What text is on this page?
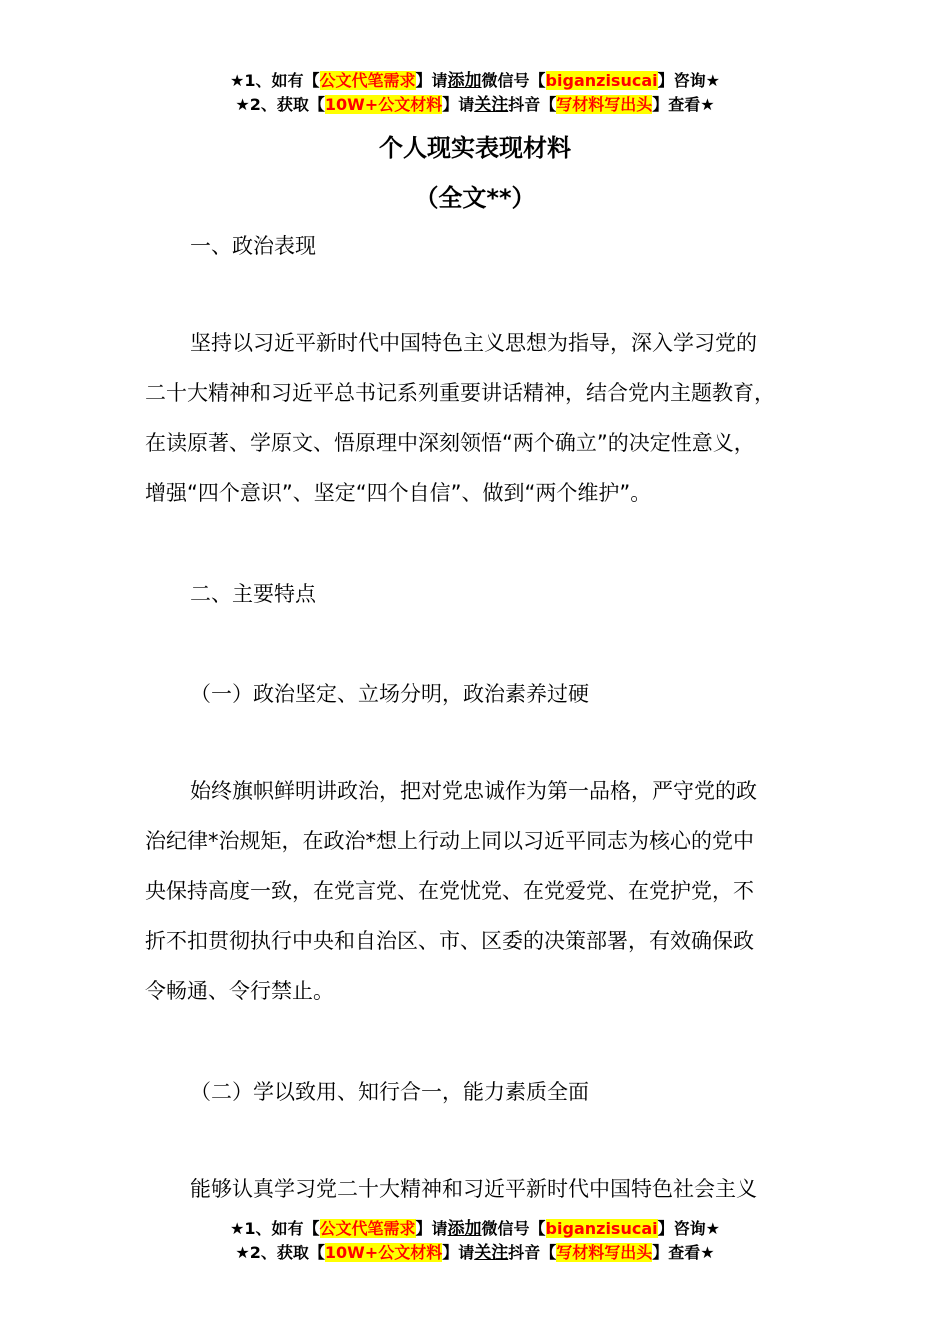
★1、如有【公文代笔需求】请添加微信号【biganzisucai】咨询★
★2、获取【10W+公文材料】请关注抖音【写材料写出头】查看★
个人现实表现材料
（全文**）
一、政治表现
坚持以习近平新时代中国特色主义思想为指导，深入学习党的
二十大精神和习近平总书记系列重要讲话精神，结合党内主题教育，
在读原著、学原文、悟原理中深刻领悟“两个确立”的决定性意义，
增强“四个意识”、坚定“四个自信”、做到“两个维护”。
二、主要特点
（一）政治坚定、立场分明，政治素养过硬
始终旗帜鲜明讲政治，把对党忠诚作为第一品格，严守党的政
治纪律*治规矩，在政治*想上行动上同以习近平同志为核心的党中
央保持高度一致，在党言党、在党忧党、在党爱党、在党护党，不
折不扣贯彻执行中央和自治区、市、区委的决策部署，有效确保政
令畅通、令行禁止。
（二）学以致用、知行合一，能力素质全面
能够认真学习党二十大精神和习近平新时代中国特色社会主义
★1、如有【公文代笔需求】请添加微信号【biganzisucai】咨询★
★2、获取【10W+公文材料】请关注抖音【写材料写出头】查看★
